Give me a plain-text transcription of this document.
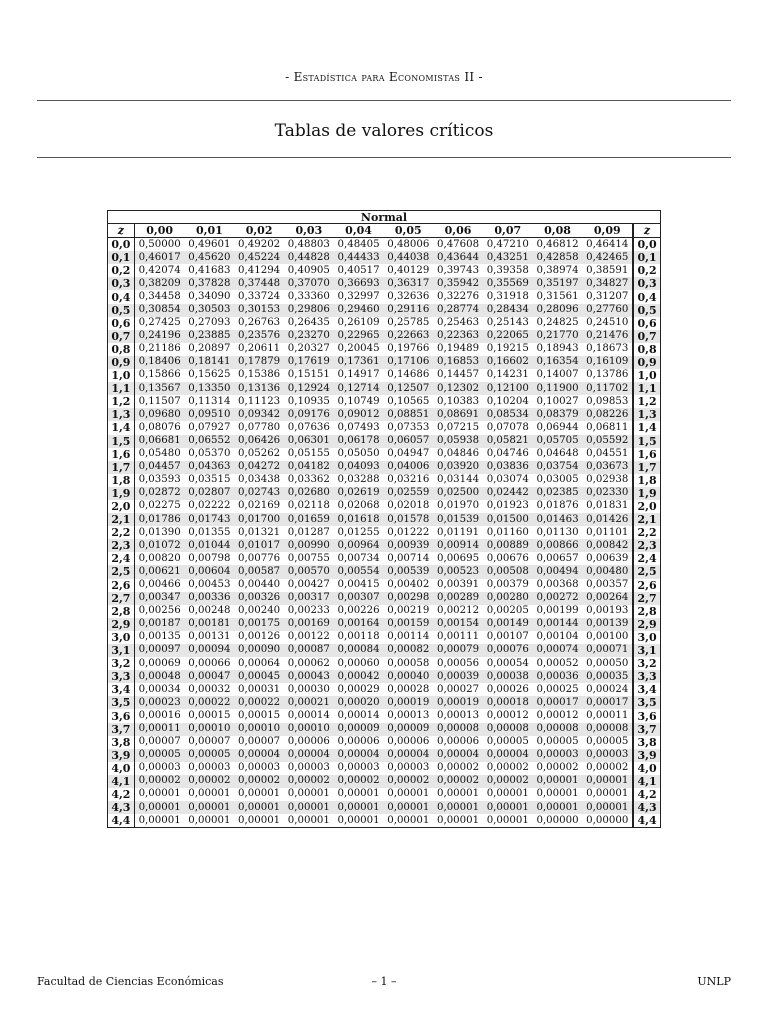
- Estadística para Economistas II -
Tablas de valores críticos
Normal											
z	0,00	0,01	0,02	0,03	0,04	0,05	0,06	0,07	0,08	0,09	z
0,0	0,50000	0,49601	0,49202	0,48803	0,48405	0,48006	0,47608	0,47210	0,46812	0,46414	0,0
0,1	0,46017	0,45620	0,45224	0,44828	0,44433	0,44038	0,43644	0,43251	0,42858	0,42465	0,1
0,2	0,42074	0,41683	0,41294	0,40905	0,40517	0,40129	0,39743	0,39358	0,38974	0,38591	0,2
0,3	0,38209	0,37828	0,37448	0,37070	0,36693	0,36317	0,35942	0,35569	0,35197	0,34827	0,3
0,4	0,34458	0,34090	0,33724	0,33360	0,32997	0,32636	0,32276	0,31918	0,31561	0,31207	0,4
0,5	0,30854	0,30503	0,30153	0,29806	0,29460	0,29116	0,28774	0,28434	0,28096	0,27760	0,5
0,6	0,27425	0,27093	0,26763	0,26435	0,26109	0,25785	0,25463	0,25143	0,24825	0,24510	0,6
0,7	0,24196	0,23885	0,23576	0,23270	0,22965	0,22663	0,22363	0,22065	0,21770	0,21476	0,7
0,8	0,21186	0,20897	0,20611	0,20327	0,20045	0,19766	0,19489	0,19215	0,18943	0,18673	0,8
0,9	0,18406	0,18141	0,17879	0,17619	0,17361	0,17106	0,16853	0,16602	0,16354	0,16109	0,9
1,0	0,15866	0,15625	0,15386	0,15151	0,14917	0,14686	0,14457	0,14231	0,14007	0,13786	1,0
1,1	0,13567	0,13350	0,13136	0,12924	0,12714	0,12507	0,12302	0,12100	0,11900	0,11702	1,1
1,2	0,11507	0,11314	0,11123	0,10935	0,10749	0,10565	0,10383	0,10204	0,10027	0,09853	1,2
1,3	0,09680	0,09510	0,09342	0,09176	0,09012	0,08851	0,08691	0,08534	0,08379	0,08226	1,3
1,4	0,08076	0,07927	0,07780	0,07636	0,07493	0,07353	0,07215	0,07078	0,06944	0,06811	1,4
1,5	0,06681	0,06552	0,06426	0,06301	0,06178	0,06057	0,05938	0,05821	0,05705	0,05592	1,5
1,6	0,05480	0,05370	0,05262	0,05155	0,05050	0,04947	0,04846	0,04746	0,04648	0,04551	1,6
1,7	0,04457	0,04363	0,04272	0,04182	0,04093	0,04006	0,03920	0,03836	0,03754	0,03673	1,7
1,8	0,03593	0,03515	0,03438	0,03362	0,03288	0,03216	0,03144	0,03074	0,03005	0,02938	1,8
1,9	0,02872	0,02807	0,02743	0,02680	0,02619	0,02559	0,02500	0,02442	0,02385	0,02330	1,9
2,0	0,02275	0,02222	0,02169	0,02118	0,02068	0,02018	0,01970	0,01923	0,01876	0,01831	2,0
2,1	0,01786	0,01743	0,01700	0,01659	0,01618	0,01578	0,01539	0,01500	0,01463	0,01426	2,1
2,2	0,01390	0,01355	0,01321	0,01287	0,01255	0,01222	0,01191	0,01160	0,01130	0,01101	2,2
2,3	0,01072	0,01044	0,01017	0,00990	0,00964	0,00939	0,00914	0,00889	0,00866	0,00842	2,3
2,4	0,00820	0,00798	0,00776	0,00755	0,00734	0,00714	0,00695	0,00676	0,00657	0,00639	2,4
2,5	0,00621	0,00604	0,00587	0,00570	0,00554	0,00539	0,00523	0,00508	0,00494	0,00480	2,5
2,6	0,00466	0,00453	0,00440	0,00427	0,00415	0,00402	0,00391	0,00379	0,00368	0,00357	2,6
2,7	0,00347	0,00336	0,00326	0,00317	0,00307	0,00298	0,00289	0,00280	0,00272	0,00264	2,7
2,8	0,00256	0,00248	0,00240	0,00233	0,00226	0,00219	0,00212	0,00205	0,00199	0,00193	2,8
2,9	0,00187	0,00181	0,00175	0,00169	0,00164	0,00159	0,00154	0,00149	0,00144	0,00139	2,9
3,0	0,00135	0,00131	0,00126	0,00122	0,00118	0,00114	0,00111	0,00107	0,00104	0,00100	3,0
3,1	0,00097	0,00094	0,00090	0,00087	0,00084	0,00082	0,00079	0,00076	0,00074	0,00071	3,1
3,2	0,00069	0,00066	0,00064	0,00062	0,00060	0,00058	0,00056	0,00054	0,00052	0,00050	3,2
3,3	0,00048	0,00047	0,00045	0,00043	0,00042	0,00040	0,00039	0,00038	0,00036	0,00035	3,3
3,4	0,00034	0,00032	0,00031	0,00030	0,00029	0,00028	0,00027	0,00026	0,00025	0,00024	3,4
3,5	0,00023	0,00022	0,00022	0,00021	0,00020	0,00019	0,00019	0,00018	0,00017	0,00017	3,5
3,6	0,00016	0,00015	0,00015	0,00014	0,00014	0,00013	0,00013	0,00012	0,00012	0,00011	3,6
3,7	0,00011	0,00010	0,00010	0,00010	0,00009	0,00009	0,00008	0,00008	0,00008	0,00008	3,7
3,8	0,00007	0,00007	0,00007	0,00006	0,00006	0,00006	0,00006	0,00005	0,00005	0,00005	3,8
3,9	0,00005	0,00005	0,00004	0,00004	0,00004	0,00004	0,00004	0,00004	0,00003	0,00003	3,9
4,0	0,00003	0,00003	0,00003	0,00003	0,00003	0,00003	0,00002	0,00002	0,00002	0,00002	4,0
4,1	0,00002	0,00002	0,00002	0,00002	0,00002	0,00002	0,00002	0,00002	0,00001	0,00001	4,1
4,2	0,00001	0,00001	0,00001	0,00001	0,00001	0,00001	0,00001	0,00001	0,00001	0,00001	4,2
4,3	0,00001	0,00001	0,00001	0,00001	0,00001	0,00001	0,00001	0,00001	0,00001	0,00001	4,3
4,4	0,00001	0,00001	0,00001	0,00001	0,00001	0,00001	0,00001	0,00001	0,00000	0,00000	4,4
Facultad de Ciencias Económicas	– 1 –	UNLP
